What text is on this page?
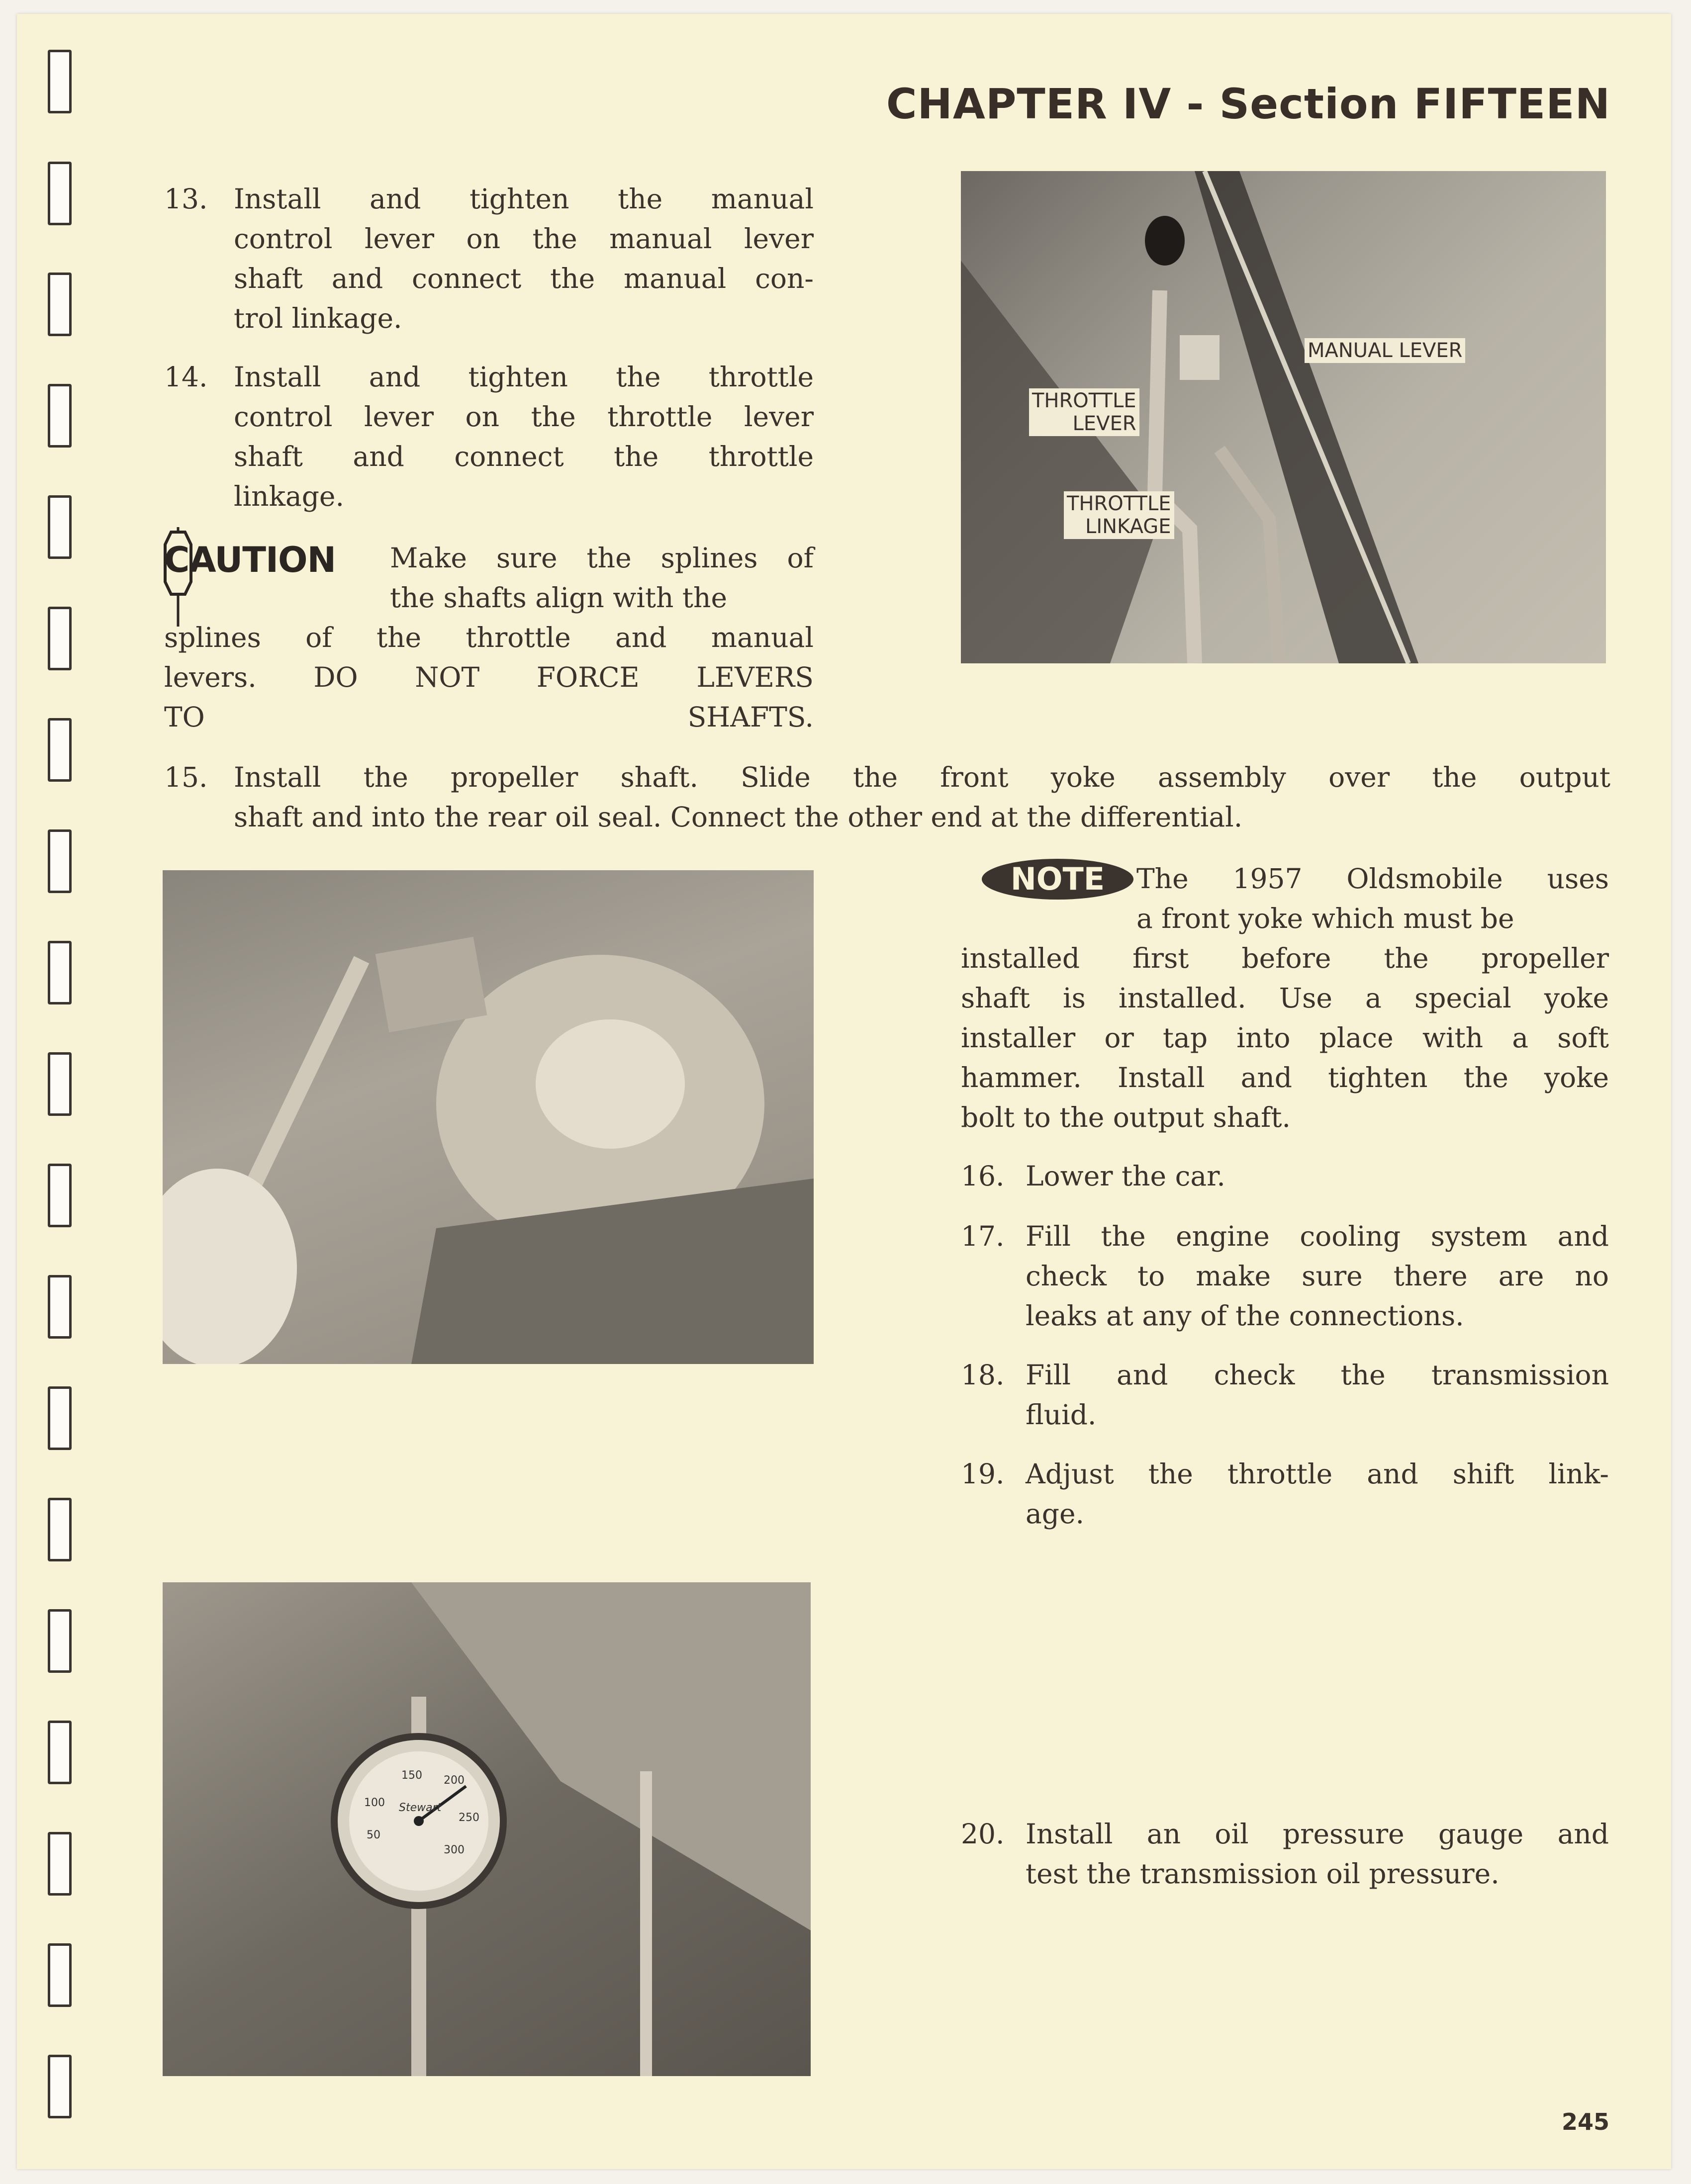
CHAPTER IV - Section FIFTEEN
MANUAL LEVER
THROTTLE
LEVER
THROTTLE
LINKAGE
13. Install and tighten the manual
control lever on the manual lever
shaft and connect the manual con-
trol linkage.
14. Install and tighten the throttle
control lever on the throttle lever
shaft and connect the throttle
linkage.
CAUTION Make sure the splines of
the shafts align with the
splines of the throttle and manual
levers. DO NOT FORCE LEVERS
TO SHAFTS.
15. Install the propeller shaft. Slide the front yoke assembly over the output
shaft and into the rear oil seal. Connect the other end at the differential.
NOTE	The 1957 Oldsmobile uses
a front yoke which must be
installed first before the propeller
shaft is installed. Use a special yoke
installer or tap into place with a soft
hammer. Install and tighten the yoke
bolt to the output shaft.
16. Lower the car.
17. Fill the engine cooling system and
check to make sure there are no
leaks at any of the connections.
18. Fill and check the transmission
fluid.
19. Adjust the throttle and shift link-
age.
50
100
150 200
250
300
Stewart
20. Install an oil pressure gauge and
test the transmission oil pressure.
245
